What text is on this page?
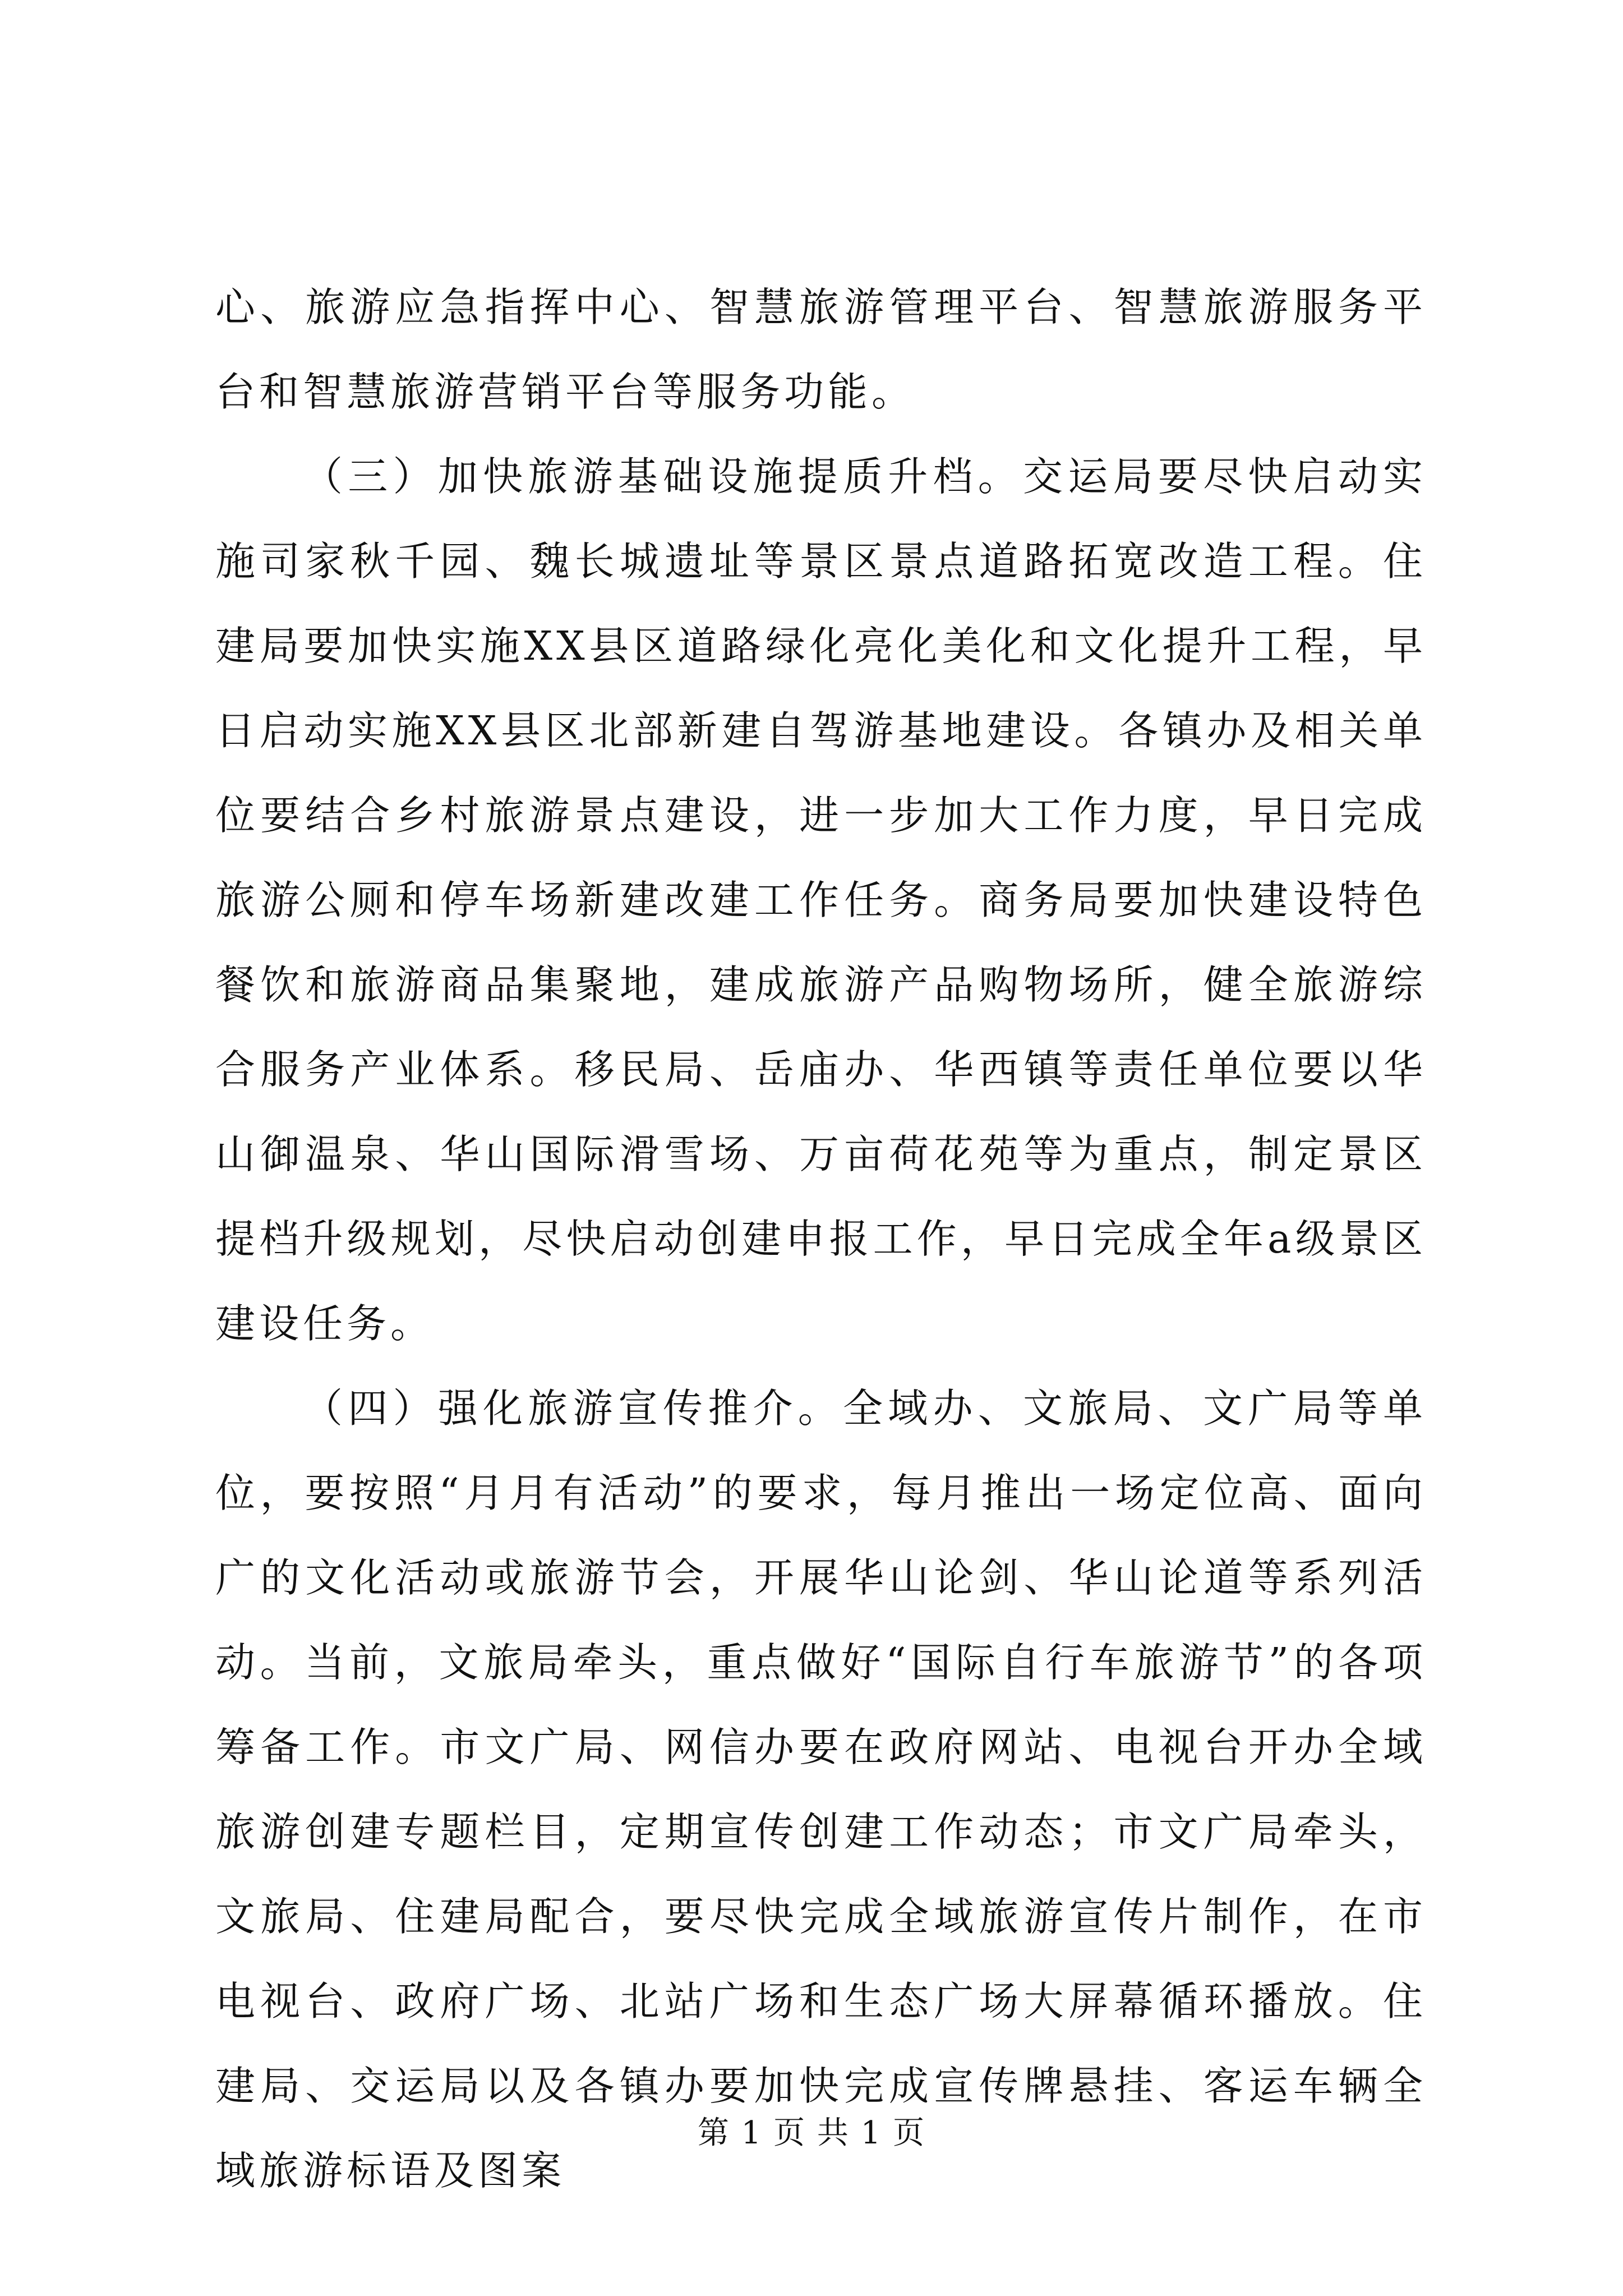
心、旅游应急指挥中心、智慧旅游管理平台、智慧旅游服务平台和智慧旅游营销平台等服务功能。

（三）加快旅游基础设施提质升档。交运局要尽快启动实施司家秋千园、魏长城遗址等景区景点道路拓宽改造工程。住建局要加快实施XX县区道路绿化亮化美化和文化提升工程，早日启动实施XX县区北部新建自驾游基地建设。各镇办及相关单位要结合乡村旅游景点建设，进一步加大工作力度，早日完成旅游公厕和停车场新建改建工作任务。商务局要加快建设特色餐饮和旅游商品集聚地，建成旅游产品购物场所，健全旅游综合服务产业体系。移民局、岳庙办、华西镇等责任单位要以华山御温泉、华山国际滑雪场、万亩荷花苑等为重点，制定景区提档升级规划，尽快启动创建申报工作，早日完成全年a级景区建设任务。

（四）强化旅游宣传推介。全域办、文旅局、文广局等单位，要按照“月月有活动”的要求，每月推出一场定位高、面向广的文化活动或旅游节会，开展华山论剑、华山论道等系列活动。当前，文旅局牵头，重点做好“国际自行车旅游节”的各项筹备工作。市文广局、网信办要在政府网站、电视台开办全域旅游创建专题栏目，定期宣传创建工作动态；市文广局牵头，文旅局、住建局配合，要尽快完成全域旅游宣传片制作，在市电视台、政府广场、北站广场和生态广场大屏幕循环播放。住建局、交运局以及各镇办要加快完成宣传牌悬挂、客运车辆全域旅游标语及图案

第 1 页 共 1 页
